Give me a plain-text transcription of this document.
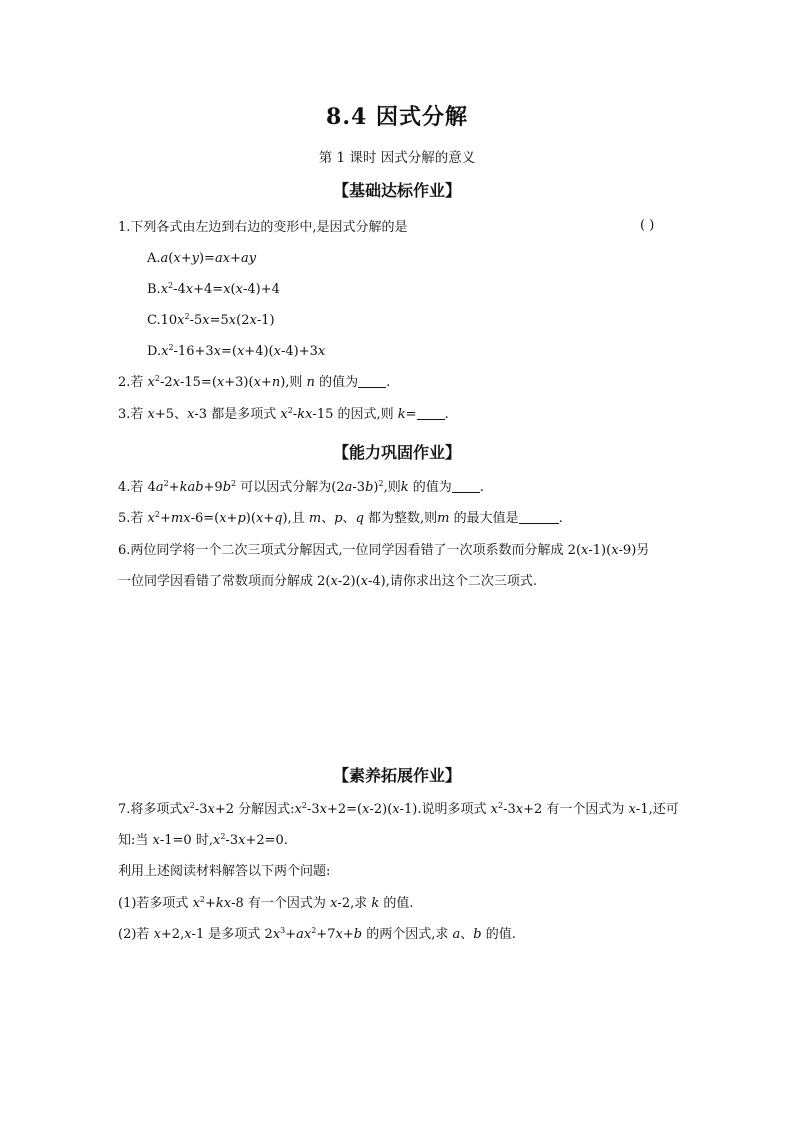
8.4 因式分解
第 1 课时 因式分解的意义
【基础达标作业】
1.下列各式由左边到右边的变形中,是因式分解的是	( )
A.a(x+y)=ax+ay
$B.x^2-4x+4=x(x-4)+4$
$C.10x^2-5x=5x(2x-1)$
$D.x^2-16+3x=(x+4)(x-4)+3x$
2.若 $x^2-2x-15=(x+3)(x+n)$,则 n 的值为 .
3.若 x+5、x-3 都是多项式 $x^2-kx-15$ 的因式,则 k= .
【能力巩固作业】
4.若 $4a^2+kab+9b^2$ 可以因式分解为$(2a-3b)^2$,则k 的值为 .
5.若 $x^2+mx-6=(x+p)(x+q)$,且 m、p、q 都为整数,则m 的最大值是	.
6.两位同学将一个二次三项式分解因式,一位同学因看错了一次项系数而分解成 2(x-1)(x-9)另
一位同学因看错了常数项而分解成 2(x-2)(x-4),请你求出这个二次三项式.
【素养拓展作业】
7.将多项式$x^2-3x+2$ 分解因式$:x^2-3x+2=(x-2)(x-1)$.说明多项式 $x^2-3x+2$ 有一个因式为 x-1,还可
知:当 x-1=0 时$,x^2-3x+2=0$.
利用上述阅读材料解答以下两个问题:
(1)若多项式 $x^2+kx-8$ 有一个因式为 x-2,求 k 的值.
(2)若 x+2,x-1 是多项式 $2x^3+ax^2+7x+b$ 的两个因式,求 a、b 的值.
